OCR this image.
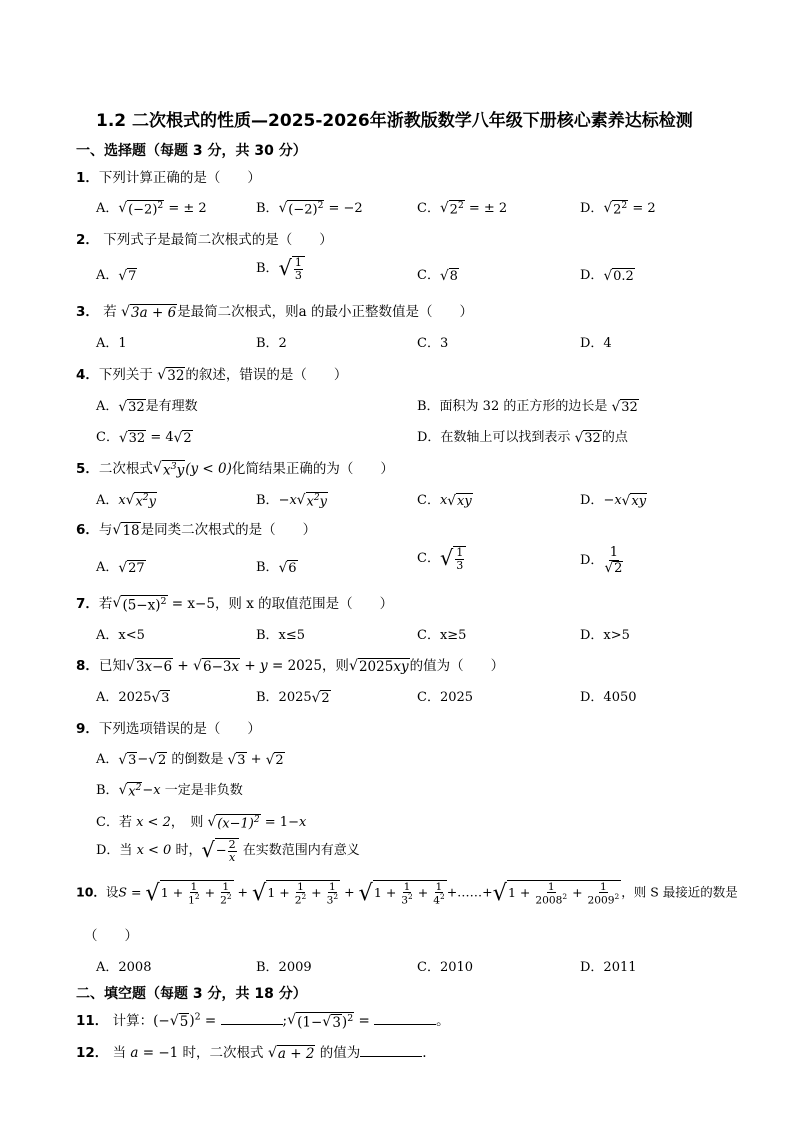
1.2 二次根式的性质—2025-2026年浙教版数学八年级下册核心素养达标检测
一、选择题（每题 3 分，共 30 分）
1．下列计算正确的是（　　）
A． √ $(-2)^2$ = ± 2	B． √ $(-2)^2 = -2$	C． √ $2^2$ = ± 2	D． √ $2^2 = 2$
2． 下列式子是最简二次根式的是（　　）
A． √ 7	B． √ $\frac{1}{3}$	C． √ 8	D． √ 0.2
3． 若 √ 3a + 6 是最简二次根式，则a 的最小正整数值是（　　）
A．1	B．2	C．3	D．4
4．下列关于 √ 32 的叙述，错误的是（　　）
A． √ 32 是有理数	B．面积为 32 的正方形的边长是 √ 32
C． √ 32 = 4 √ 2	D．在数轴上可以找到表示 √ 32 的点
5．二次根式 √ $x^3y$ (y < 0)化简结果正确的为（　　）
A．x √ $x^2y$	B．−x √ $x^2y$	C．x √ xy	D．−x √ xy
6．与 √ 18 是同类二次根式的是（　　）
A． √ 27	B． √ 6
C． √ $\frac{1}{3}$	D． $\frac{1}{√ 2}$
7．若 √ $(5-x)^2 = x-5$，则 x 的取值范围是（　　）
A．x<5	B．x≤5	C．x≥5	D．x>5
8．已知 √ 3x−6 + √ 6−3x + y = 2025，则 √ 2025xy 的值为（　　）
A．2025 √ 3	B．2025 √ 2	C．2025	D．4050
9．下列选项错误的是（　　）
A． √ 3 − √ 2 的倒数是 √ 3 + √ 2
B． √ $x^2 -x$ 一定是非负数
C．若 x < 2，　则 √ $(x-1)^2 = 1-x$
D．当 x < 0 时， √ − $\frac{2}{x}$ 在实数范围内有意义
10．设S = √ $1 + \frac{1}{1^2} + \frac{1}{2^2}$ + √ $1 + \frac{1}{2^2} + \frac{1}{3^2}$ + √ $1 + \frac{1}{3^2} + \frac{1}{4^2}$ +……+ √ $1 + \frac{1}{2008^2} + \frac{1}{2009^2}$ ，则 S 最接近的数是
（　　）
A．2008	B．2009	C．2010	D．2011
二、填空题（每题 3 分，共 18 分）
11． 计算：(− √ 5 )$^2$ =	; √ (1− √ 3 )$^2$ =	。
12． 当 a = −1 时，二次根式 √ a + 2 的值为	.
